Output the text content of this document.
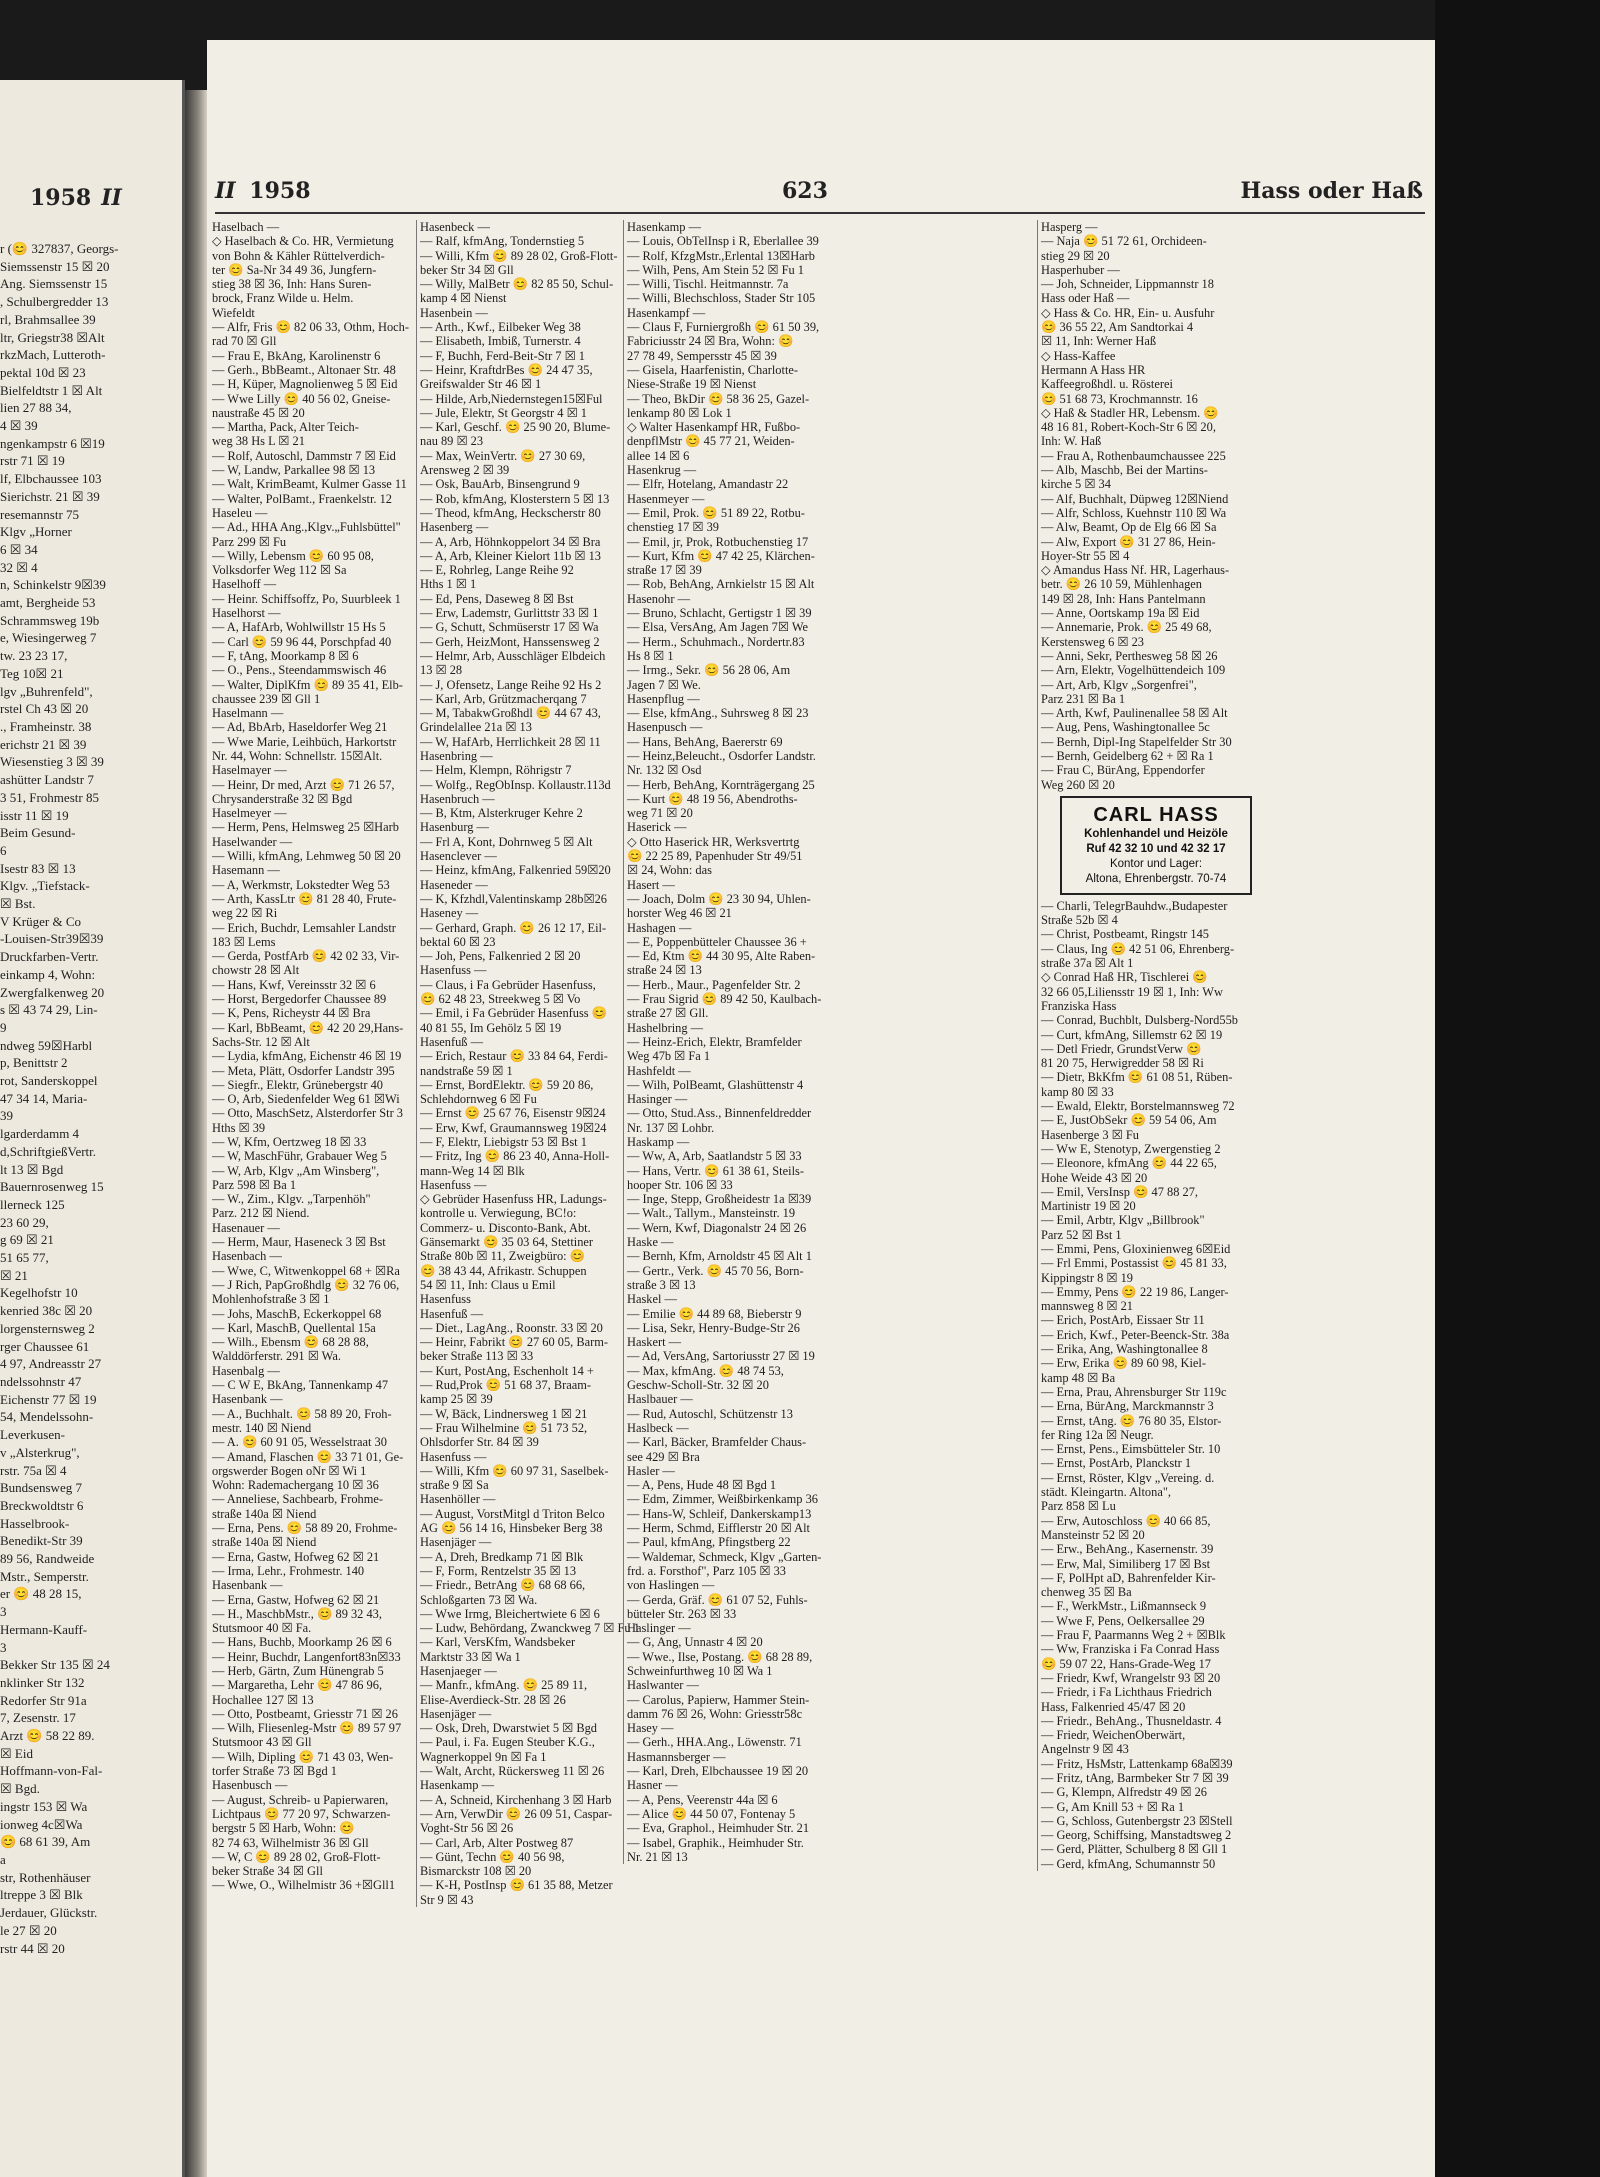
1958 II
r (😊 327837, Georgs-
Siemssenstr 15 ☒ 20
Ang. Siemssenstr 15
, Schulbergredder 13
rl, Brahmsallee 39
ltr, Griegstr38 ☒Alt
rkzMach, Lutteroth-
pektal 10d ☒ 23
Bielfeldtstr 1 ☒ Alt
lien 27 88 34,
4 ☒ 39
ngenkampstr 6 ☒19
rstr 71 ☒ 19
lf, Elbchaussee 103
Sierichstr. 21 ☒ 39
resemannstr 75
Klgv „Horner
6 ☒ 34
32 ☒ 4
n, Schinkelstr 9☒39
amt, Bergheide 53
Schrammsweg 19b
e, Wiesingerweg 7
tw. 23 23 17,
Teg 10☒ 21
lgv „Buhrenfeld",
rstel Ch 43 ☒ 20
., Framheinstr. 38
erichstr 21 ☒ 39
Wiesenstieg 3 ☒ 39
ashütter Landstr 7
3 51, Frohmestr 85
isstr 11 ☒ 19
Beim Gesund-
6
Isestr 83 ☒ 13
Klgv. „Tiefstack-
☒ Bst.
V Krüger & Co
-Louisen-Str39☒39
Druckfarben-Vertr.
einkamp 4, Wohn:
Zwergfalkenweg 20
s ☒ 43 74 29, Lin-
9
ndweg 59☒Harbl
p, Benittstr 2
rot, Sanderskoppel
47 34 14, Maria-
39
lgarderdamm 4
d,SchriftgießVertr.
lt 13 ☒ Bgd
Bauernrosenweg 15
llerneck 125
23 60 29,
g 69 ☒ 21
51 65 77,
☒ 21
Kegelhofstr 10
kenried 38c ☒ 20
lorgensternsweg 2
rger Chaussee 61
4 97, Andreasstr 27
ndelssohnstr 47
Eichenstr 77 ☒ 19
54, Mendelssohn-
Leverkusen-
v „Alsterkrug",
rstr. 75a ☒ 4
Bundsensweg 7
Breckwoldtstr 6
Hasselbrook-
Benedikt-Str 39
89 56, Randweide
Mstr., Semperstr.
er 😊 48 28 15,
3
Hermann-Kauff-
3
Bekker Str 135 ☒ 24
nklinker Str 132
Redorfer Str 91a
7, Zesenstr. 17
Arzt 😊 58 22 89.
☒ Eid
Hoffmann-von-Fal-
☒ Bgd.
ingstr 153 ☒ Wa
ionweg 4c☒Wa
😊 68 61 39, Am
a
str, Rothenhäuser
ltreppe 3 ☒ Blk
Jerdauer, Glückstr.
le 27 ☒ 20
rstr 44 ☒ 20
II 1958	623	Hass oder Haß
Haselbach —
◇ Haselbach & Co. HR, Vermietung
von Bohn & Kähler Rüttelverdich-
ter 😊 Sa-Nr 34 49 36, Jungfern-
stieg 38 ☒ 36, Inh: Hans Suren-
brock, Franz Wilde u. Helm.
Wiefeldt
— Alfr, Fris 😊 82 06 33, Othm, Hoch-
rad 70 ☒ Gll
— Frau E, BkAng, Karolinenstr 6
— Gerh., BbBeamt., Altonaer Str. 48
— H, Küper, Magnolienweg 5 ☒ Eid
— Wwe Lilly 😊 40 56 02, Gneise-
naustraße 45 ☒ 20
— Martha, Pack, Alter Teich-
weg 38 Hs L ☒ 21
— Rolf, Autoschl, Dammstr 7 ☒ Eid
— W, Landw, Parkallee 98 ☒ 13
— Walt, KrimBeamt, Kulmer Gasse 11
— Walter, PolBamt., Fraenkelstr. 12
Haseleu —
— Ad., HHA Ang.,Klgv.„Fuhlsbüttel"
Parz 299 ☒ Fu
— Willy, Lebensm 😊 60 95 08,
Volksdorfer Weg 112 ☒ Sa
Haselhoff —
— Heinr. Schiffsoffz, Po, Suurbleek 1
Haselhorst —
— A, HafArb, Wohlwillstr 15 Hs 5
— Carl 😊 59 96 44, Porschpfad 40
— F, tAng, Moorkamp 8 ☒ 6
— O., Pens., Steendammswisch 46
— Walter, DiplKfm 😊 89 35 41, Elb-
chaussee 239 ☒ Gll 1
Haselmann —
— Ad, BbArb, Haseldorfer Weg 21
— Wwe Marie, Leihbüch, Harkortstr
Nr. 44, Wohn: Schnellstr. 15☒Alt.
Haselmayer —
— Heinr, Dr med, Arzt 😊 71 26 57,
Chrysanderstraße 32 ☒ Bgd
Haselmeyer —
— Herm, Pens, Helmsweg 25 ☒Harb
Haselwander —
— Willi, kfmAng, Lehmweg 50 ☒ 20
Hasemann —
— A, Werkmstr, Lokstedter Weg 53
— Arth, KassLtr 😊 81 28 40, Frute-
weg 22 ☒ Ri
— Erich, Buchdr, Lemsahler Landstr
183 ☒ Lems
— Gerda, PostfArb 😊 42 02 33, Vir-
chowstr 28 ☒ Alt
— Hans, Kwf, Vereinsstr 32 ☒ 6
— Horst, Bergedorfer Chaussee 89
— K, Pens, Richeystr 44 ☒ Bra
— Karl, BbBeamt, 😊 42 20 29,Hans-
Sachs-Str. 12 ☒ Alt
— Lydia, kfmAng, Eichenstr 46 ☒ 19
— Meta, Plätt, Osdorfer Landstr 395
— Siegfr., Elektr, Grünebergstr 40
— O, Arb, Siedenfelder Weg 61 ☒Wi
— Otto, MaschSetz, Alsterdorfer Str 3
Hths ☒ 39
— W, Kfm, Oertzweg 18 ☒ 33
— W, MaschFühr, Grabauer Weg 5
— W, Arb, Klgv „Am Winsberg",
Parz 598 ☒ Ba 1
— W., Zim., Klgv. „Tarpenhöh"
Parz. 212 ☒ Niend.
Hasenauer —
— Herm, Maur, Haseneck 3 ☒ Bst
Hasenbach —
— Wwe, C, Witwenkoppel 68 + ☒Ra
— J Rich, PapGroßhdlg 😊 32 76 06,
Mohlenhofstraße 3 ☒ 1
— Johs, MaschB, Eckerkoppel 68
— Karl, MaschB, Quellental 15a
— Wilh., Ebensm 😊 68 28 88,
Walddörferstr. 291 ☒ Wa.
Hasenbalg —
— C W E, BkAng, Tannenkamp 47
Hasenbank —
— A., Buchhalt. 😊 58 89 20, Froh-
mestr. 140 ☒ Niend
— A. 😊 60 91 05, Wesselstraat 30
— Amand, Flaschen 😊 33 71 01, Ge-
orgswerder Bogen oNr ☒ Wi 1
Wohn: Rademachergang 10 ☒ 36
— Anneliese, Sachbearb, Frohme-
straße 140a ☒ Niend
— Erna, Pens. 😊 58 89 20, Frohme-
straße 140a ☒ Niend
— Erna, Gastw, Hofweg 62 ☒ 21
— Irma, Lehr., Frohmestr. 140
Hasenbank —
— Erna, Gastw, Hofweg 62 ☒ 21
— H., MaschbMstr., 😊 89 32 43,
Stutsmoor 40 ☒ Fa.
— Hans, Buchb, Moorkamp 26 ☒ 6
— Heinr, Buchdr, Langenfort83n☒33
— Herb, Gärtn, Zum Hünengrab 5
— Margaretha, Lehr 😊 47 86 96,
Hochallee 127 ☒ 13
— Otto, Postbeamt, Griesstr 71 ☒ 26
— Wilh, Fliesenleg-Mstr 😊 89 57 97
Stutsmoor 43 ☒ Gll
— Wilh, Dipling 😊 71 43 03, Wen-
torfer Straße 73 ☒ Bgd 1
Hasenbusch —
— August, Schreib- u Papierwaren,
Lichtpaus 😊 77 20 97, Schwarzen-
bergstr 5 ☒ Harb, Wohn: 😊
82 74 63, Wilhelmistr 36 ☒ Gll
— W, C 😊 89 28 02, Groß-Flott-
beker Straße 34 ☒ Gll
— Wwe, O., Wilhelmistr 36 +☒Gll1
Hasenbeck —
— Ralf, kfmAng, Tondernstieg 5
— Willi, Kfm 😊 89 28 02, Groß-Flott-
beker Str 34 ☒ Gll
— Willy, MalBetr 😊 82 85 50, Schul-
kamp 4 ☒ Nienst
Hasenbein —
— Arth., Kwf., Eilbeker Weg 38
— Elisabeth, Imbiß, Turnerstr. 4
— F, Buchh, Ferd-Beit-Str 7 ☒ 1
— Heinr, KraftdrBes 😊 24 47 35,
Greifswalder Str 46 ☒ 1
— Hilde, Arb,Niedernstegen15☒Ful
— Jule, Elektr, St Georgstr 4 ☒ 1
— Karl, Geschf. 😊 25 90 20, Blume-
nau 89 ☒ 23
— Max, WeinVertr. 😊 27 30 69,
Arensweg 2 ☒ 39
— Osk, BauArb, Binsengrund 9
— Rob, kfmAng, Klosterstern 5 ☒ 13
— Theod, kfmAng, Heckscherstr 80
Hasenberg —
— A, Arb, Höhnkoppelort 34 ☒ Bra
— A, Arb, Kleiner Kielort 11b ☒ 13
— E, Rohrleg, Lange Reihe 92
Hths 1 ☒ 1
— Ed, Pens, Daseweg 8 ☒ Bst
— Erw, Lademstr, Gurlittstr 33 ☒ 1
— G, Schutt, Schmüserstr 17 ☒ Wa
— Gerh, HeizMont, Hanssensweg 2
— Helmr, Arb, Ausschläger Elbdeich
13 ☒ 28
— J, Ofensetz, Lange Reihe 92 Hs 2
— Karl, Arb, Grützmacherqang 7
— M, TabakwGroßhdl 😊 44 67 43,
Grindelallee 21a ☒ 13
— W, HafArb, Herrlichkeit 28 ☒ 11
Hasenbring —
— Helm, Klempn, Röhrigstr 7
— Wolfg., RegObInsp. Kollaustr.113d
Hasenbruch —
— B, Ktm, Alsterkruger Kehre 2
Hasenburg —
— Frl A, Kont, Dohrnweg 5 ☒ Alt
Hasenclever —
— Heinz, kfmAng, Falkenried 59☒20
Haseneder —
— K, Kfzhdl,Valentinskamp 28b☒26
Haseney —
— Gerhard, Graph. 😊 26 12 17, Eil-
bektal 60 ☒ 23
— Joh, Pens, Falkenried 2 ☒ 20
Hasenfuss —
— Claus, i Fa Gebrüder Hasenfuss,
😊 62 48 23, Streekweg 5 ☒ Vo
— Emil, i Fa Gebrüder Hasenfuss 😊
40 81 55, Im Gehölz 5 ☒ 19
Hasenfuß —
— Erich, Restaur 😊 33 84 64, Ferdi-
nandstraße 59 ☒ 1
— Ernst, BordElektr. 😊 59 20 86,
Schlehdornweg 6 ☒ Fu
— Ernst 😊 25 67 76, Eisenstr 9☒24
— Erw, Kwf, Graumannsweg 19☒24
— F, Elektr, Liebigstr 53 ☒ Bst 1
— Fritz, Ing 😊 86 23 40, Anna-Holl-
mann-Weg 14 ☒ Blk
Hasenfuss —
◇ Gebrüder Hasenfuss HR, Ladungs-
kontrolle u. Verwiegung, BC!o:
Commerz- u. Disconto-Bank, Abt.
Gänsemarkt 😊 35 03 64, Stettiner
Straße 80b ☒ 11, Zweigbüro: 😊
😊 38 43 44, Afrikastr. Schuppen
54 ☒ 11, Inh: Claus u Emil
Hasenfuss
Hasenfuß —
— Diet., LagAng., Roonstr. 33 ☒ 20
— Heinr, Fabrikt 😊 27 60 05, Barm-
beker Straße 113 ☒ 33
— Kurt, PostAng, Eschenholt 14 +
— Rud,Prok 😊 51 68 37, Braam-
kamp 25 ☒ 39
— W, Bäck, Lindnersweg 1 ☒ 21
— Frau Wilhelmine 😊 51 73 52,
Ohlsdorfer Str. 84 ☒ 39
Hasenfuss —
— Willi, Kfm 😊 60 97 31, Saselbek-
straße 9 ☒ Sa
Hasenhöller —
— August, VorstMitgl d Triton Belco
AG 😊 56 14 16, Hinsbeker Berg 38
Hasenjäger —
— A, Dreh, Bredkamp 71 ☒ Blk
— F, Form, Rentzelstr 35 ☒ 13
— Friedr., BetrAng 😊 68 68 66,
Schloßgarten 73 ☒ Wa.
— Wwe Irmg, Bleichertwiete 6 ☒ 6
— Ludw, Behördang, Zwanckweg 7 ☒ Fu 1
— Karl, VersKfm, Wandsbeker
Marktstr 33 ☒ Wa 1
Hasenjaeger —
— Manfr., kfmAng. 😊 25 89 11,
Elise-Averdieck-Str. 28 ☒ 26
Hasenjäger —
— Osk, Dreh, Dwarstwiet 5 ☒ Bgd
— Paul, i. Fa. Eugen Steuber K.G.,
Wagnerkoppel 9n ☒ Fa 1
— Walt, Archt, Rückersweg 11 ☒ 26
Hasenkamp —
— A, Schneid, Kirchenhang 3 ☒ Harb
— Arn, VerwDir 😊 26 09 51, Caspar-
Voght-Str 56 ☒ 26
— Carl, Arb, Alter Postweg 87
— Günt, Techn 😊 40 56 98,
Bismarckstr 108 ☒ 20
— K-H, PostInsp 😊 61 35 88, Metzer
Str 9 ☒ 43
Hasenkamp —
— Louis, ObTelInsp i R, Eberlallee 39
— Rolf, KfzgMstr.,Erlental 13☒Harb
— Wilh, Pens, Am Stein 52 ☒ Fu 1
— Willi, Tischl. Heitmannstr. 7a
— Willi, Blechschloss, Stader Str 105
Hasenkampf —
— Claus F, Furniergroßh 😊 61 50 39,
Fabriciusstr 24 ☒ Bra, Wohn: 😊
27 78 49, Sempersstr 45 ☒ 39
— Gisela, Haarfenistin, Charlotte-
Niese-Straße 19 ☒ Nienst
— Theo, BkDir 😊 58 36 25, Gazel-
lenkamp 80 ☒ Lok 1
◇ Walter Hasenkampf HR, Fußbo-
denpflMstr 😊 45 77 21, Weiden-
allee 14 ☒ 6
Hasenkrug —
— Elfr, Hotelang, Amandastr 22
Hasenmeyer —
— Emil, Prok. 😊 51 89 22, Rotbu-
chenstieg 17 ☒ 39
— Emil, jr, Prok, Rotbuchenstieg 17
— Kurt, Kfm 😊 47 42 25, Klärchen-
straße 17 ☒ 39
— Rob, BehAng, Arnkielstr 15 ☒ Alt
Hasenohr —
— Bruno, Schlacht, Gertigstr 1 ☒ 39
— Elsa, VersAng, Am Jagen 7☒ We
— Herm., Schuhmach., Nordertr.83
Hs 8 ☒ 1
— Irmg., Sekr. 😊 56 28 06, Am
Jagen 7 ☒ We.
Hasenpflug —
— Else, kfmAng., Suhrsweg 8 ☒ 23
Hasenpusch —
— Hans, BehAng, Baererstr 69
— Heinz,Beleucht., Osdorfer Landstr.
Nr. 132 ☒ Osd
— Herb, BehAng, Kornträgergang 25
— Kurt 😊 48 19 56, Abendroths-
weg 71 ☒ 20
Haserick —
◇ Otto Haserick HR, Werksvertrtg
😊 22 25 89, Papenhuder Str 49/51
☒ 24, Wohn: das
Hasert —
— Joach, Dolm 😊 23 30 94, Uhlen-
horster Weg 46 ☒ 21
Hashagen —
— E, Poppenbütteler Chaussee 36 +
— Ed, Ktm 😊 44 30 95, Alte Raben-
straße 24 ☒ 13
— Herb., Maur., Pagenfelder Str. 2
— Frau Sigrid 😊 89 42 50, Kaulbach-
straße 27 ☒ Gll.
Hashelbring —
— Heinz-Erich, Elektr, Bramfelder
Weg 47b ☒ Fa 1
Hashfeldt —
— Wilh, PolBeamt, Glashüttenstr 4
Hasinger —
— Otto, Stud.Ass., Binnenfeldredder
Nr. 137 ☒ Lohbr.
Haskamp —
— Ww, A, Arb, Saatlandstr 5 ☒ 33
— Hans, Vertr. 😊 61 38 61, Steils-
hooper Str. 106 ☒ 33
— Inge, Stepp, Großheidestr 1a ☒39
— Walt., Tallym., Mansteinstr. 19
— Wern, Kwf, Diagonalstr 24 ☒ 26
Haske —
— Bernh, Kfm, Arnoldstr 45 ☒ Alt 1
— Gertr., Verk. 😊 45 70 56, Born-
straße 3 ☒ 13
Haskel —
— Emilie 😊 44 89 68, Bieberstr 9
— Lisa, Sekr, Henry-Budge-Str 26
Haskert —
— Ad, VersAng, Sartoriusstr 27 ☒ 19
— Max, kfmAng. 😊 48 74 53,
Geschw-Scholl-Str. 32 ☒ 20
Haslbauer —
— Rud, Autoschl, Schützenstr 13
Haslbeck —
— Karl, Bäcker, Bramfelder Chaus-
see 429 ☒ Bra
Hasler —
— A, Pens, Hude 48 ☒ Bgd 1
— Edm, Zimmer, Weißbirkenkamp 36
— Hans-W, Schleif, Dankerskamp13
— Herm, Schmd, Eifflerstr 20 ☒ Alt
— Paul, kfmAng, Pfingstberg 22
— Waldemar, Schmeck, Klgv „Garten-
frd. a. Forsthof", Parz 105 ☒ 33
von Haslingen —
— Gerda, Gräf. 😊 61 07 52, Fuhls-
bütteler Str. 263 ☒ 33
Haslinger —
— G, Ang, Unnastr 4 ☒ 20
— Wwe., Ilse, Postang. 😊 68 28 89,
Schweinfurthweg 10 ☒ Wa 1
Haslwanter —
— Carolus, Papierw, Hammer Stein-
damm 76 ☒ 26, Wohn: Griesstr58c
Hasey —
— Gerh., HHA.Ang., Löwenstr. 71
Hasmannsberger —
— Karl, Dreh, Elbchaussee 19 ☒ 20
Hasner —
— A, Pens, Veerenstr 44a ☒ 6
— Alice 😊 44 50 07, Fontenay 5
— Eva, Graphol., Heimhuder Str. 21
— Isabel, Graphik., Heimhuder Str.
Nr. 21 ☒ 13
Hasperg —
— Naja 😊 51 72 61, Orchideen-
stieg 29 ☒ 20
Hasperhuber —
— Joh, Schneider, Lippmannstr 18
Hass oder Haß —
◇ Hass & Co. HR, Ein- u. Ausfuhr
😊 36 55 22, Am Sandtorkai 4
☒ 11, Inh: Werner Haß
◇ Hass-Kaffee
Hermann A Hass HR
Kaffeegroßhdl. u. Rösterei
😊 51 68 73, Krochmannstr. 16
◇ Haß & Stadler HR, Lebensm. 😊
48 16 81, Robert-Koch-Str 6 ☒ 20,
Inh: W. Haß
— Frau A, Rothenbaumchaussee 225
— Alb, Maschb, Bei der Martins-
kirche 5 ☒ 34
— Alf, Buchhalt, Düpweg 12☒Niend
— Alfr, Schloss, Kuehnstr 110 ☒ Wa
— Alw, Beamt, Op de Elg 66 ☒ Sa
— Alw, Export 😊 31 27 86, Hein-
Hoyer-Str 55 ☒ 4
◇ Amandus Hass Nf. HR, Lagerhaus-
betr. 😊 26 10 59, Mühlenhagen
149 ☒ 28, Inh: Hans Pantelmann
— Anne, Oortskamp 19a ☒ Eid
— Annemarie, Prok. 😊 25 49 68,
Kerstensweg 6 ☒ 23
— Anni, Sekr, Perthesweg 58 ☒ 26
— Arn, Elektr, Vogelhüttendeich 109
— Art, Arb, Klgv „Sorgenfrei",
Parz 231 ☒ Ba 1
— Arth, Kwf, Paulinenallee 58 ☒ Alt
— Aug, Pens, Washingtonallee 5c
— Bernh, Dipl-Ing Stapelfelder Str 30
— Bernh, Geidelberg 62 + ☒ Ra 1
— Frau C, BürAng, Eppendorfer
Weg 260 ☒ 20
CARL HASS
Kohlenhandel und Heizöle
Ruf 42 32 10 und 42 32 17
Kontor und Lager:
Altona, Ehrenbergstr. 70-74
— Charli, TelegrBauhdw.,Budapester
Straße 52b ☒ 4
— Christ, Postbeamt, Ringstr 145
— Claus, Ing 😊 42 51 06, Ehrenberg-
straße 37a ☒ Alt 1
◇ Conrad Haß HR, Tischlerei 😊
32 66 05,Liliensstr 19 ☒ 1, Inh: Ww
Franziska Hass
— Conrad, Buchblt, Dulsberg-Nord55b
— Curt, kfmAng, Sillemstr 62 ☒ 19
— Detl Friedr, GrundstVerw 😊
81 20 75, Herwigredder 58 ☒ Ri
— Dietr, BkKfm 😊 61 08 51, Rüben-
kamp 80 ☒ 33
— Ewald, Elektr, Borstelmannsweg 72
— E, JustObSekr 😊 59 54 06, Am
Hasenberge 3 ☒ Fu
— Ww E, Stenotyp, Zwergenstieg 2
— Eleonore, kfmAng 😊 44 22 65,
Hohe Weide 43 ☒ 20
— Emil, VersInsp 😊 47 88 27,
Martinistr 19 ☒ 20
— Emil, Arbtr, Klgv „Billbrook"
Parz 52 ☒ Bst 1
— Emmi, Pens, Gloxinienweg 6☒Eid
— Frl Emmi, Postassist 😊 45 81 33,
Kippingstr 8 ☒ 19
— Emmy, Pens 😊 22 19 86, Langer-
mannsweg 8 ☒ 21
— Erich, PostArb, Eissaer Str 11
— Erich, Kwf., Peter-Beenck-Str. 38a
— Erika, Ang, Washingtonallee 8
— Erw, Erika 😊 89 60 98, Kiel-
kamp 48 ☒ Ba
— Erna, Prau, Ahrensburger Str 119c
— Erna, BürAng, Marckmannstr 3
— Ernst, tAng. 😊 76 80 35, Elstor-
fer Ring 12a ☒ Neugr.
— Ernst, Pens., Eimsbütteler Str. 10
— Ernst, PostArb, Planckstr 1
— Ernst, Röster, Klgv „Vereing. d.
städt. Kleingartn. Altona",
Parz 858 ☒ Lu
— Erw, Autoschloss 😊 40 66 85,
Mansteinstr 52 ☒ 20
— Erw., BehAng., Kasernenstr. 39
— Erw, Mal, Similiberg 17 ☒ Bst
— F, PolHpt aD, Bahrenfelder Kir-
chenweg 35 ☒ Ba
— F., WerkMstr., Lißmannseck 9
— Wwe F, Pens, Oelkersallee 29
— Frau F, Paarmanns Weg 2 + ☒Blk
— Ww, Franziska i Fa Conrad Hass
😊 59 07 22, Hans-Grade-Weg 17
— Friedr, Kwf, Wrangelstr 93 ☒ 20
— Friedr, i Fa Lichthaus Friedrich
Hass, Falkenried 45/47 ☒ 20
— Friedr., BehAng., Thusneldastr. 4
— Friedr, WeichenOberwärt,
Angelnstr 9 ☒ 43
— Fritz, HsMstr, Lattenkamp 68a☒39
— Fritz, tAng, Barmbeker Str 7 ☒ 39
— G, Klempn, Alfredstr 49 ☒ 26
— G, Am Knill 53 + ☒ Ra 1
— G, Schloss, Gutenbergstr 23 ☒Stell
— Georg, Schiffsing, Manstadtsweg 2
— Gerd, Plätter, Schulberg 8 ☒ Gll 1
— Gerd, kfmAng, Schumannstr 50
